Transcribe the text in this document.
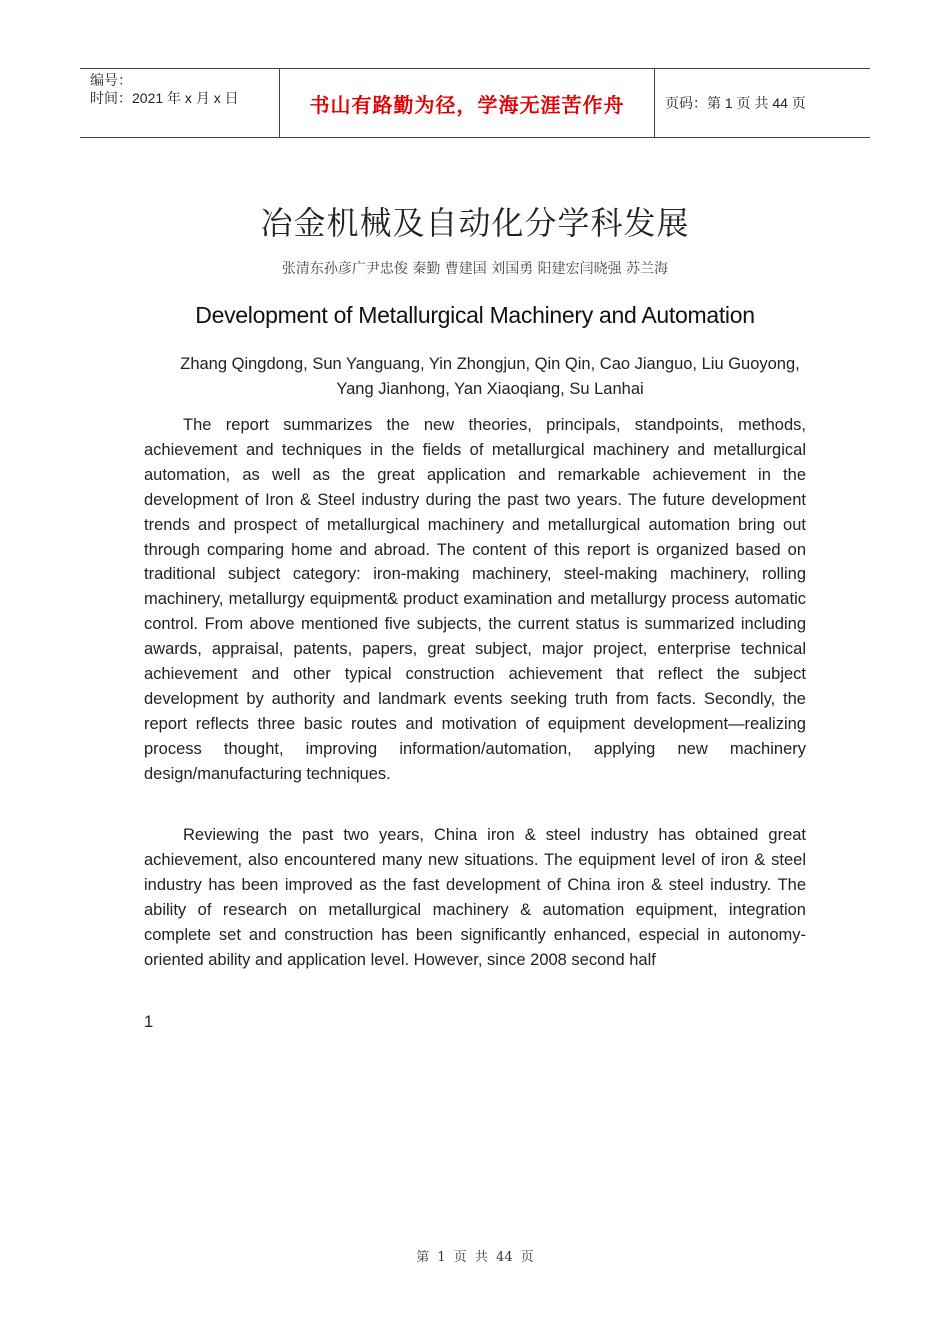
编号：
时间：2021 年 x 月 x 日	书山有路勤为径，学海无涯苦作舟	页码：第 1 页 共 44 页
冶金机械及自动化分学科发展
张清东孙彦广尹忠俊 秦勤 曹建国 刘国勇 阳建宏闫晓强 苏兰海
Development of Metallurgical Machinery and Automation
Zhang Qingdong, Sun Yanguang, Yin Zhongjun, Qin Qin, Cao Jianguo, Liu Guoyong, Yang Jianhong, Yan Xiaoqiang, Su Lanhai

The report summarizes the new theories, principals, standpoints, methods, achievement and techniques in the fields of metallurgical machinery and metallurgical automation, as well as the great application and remarkable achievement in the development of Iron & Steel industry during the past two years. The future development trends and prospect of metallurgical machinery and metallurgical automation bring out through comparing home and abroad. The content of this report is organized based on traditional subject category: iron-making machinery, steel-making machinery, rolling machinery, metallurgy equipment& product examination and metallurgy process automatic control. From above mentioned five subjects, the current status is summarized including awards, appraisal, patents, papers, great subject, major project, enterprise technical achievement and other typical construction achievement that reflect the subject development by authority and landmark events seeking truth from facts. Secondly, the report reflects three basic routes and motivation of equipment development—realizing process thought, improving information/automation, applying new machinery design/manufacturing techniques.

Reviewing the past two years, China iron & steel industry has obtained great achievement, also encountered many new situations. The equipment level of iron & steel industry has been improved as the fast development of China iron & steel industry. The ability of research on metallurgical machinery & automation equipment, integration complete set and construction has been significantly enhanced, especial in autonomy-oriented ability and application level. However, since 2008 second half

1
第 1 页 共 44 页
